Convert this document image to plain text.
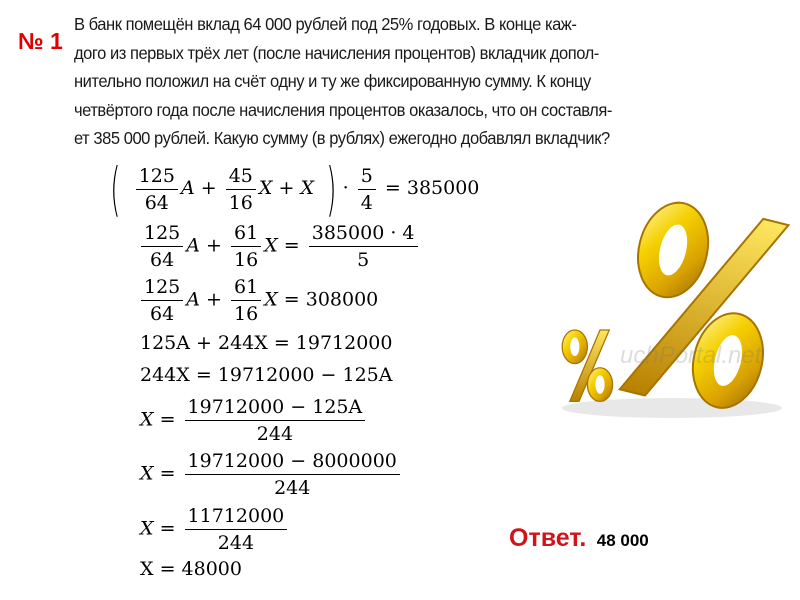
№ 1
В банк помещён вклад 64 000 рублей под 25% годовых. В конце каж-
дого из первых трёх лет (после начисления процентов) вкладчик допол-
нительно положил на счёт одну и ту же фиксированную сумму. К концу
четвёртого года после начисления процентов оказалось, что он составля-
ет 385 000 рублей. Какую сумму (в рублях) ежегодно добавлял вкладчик?
( $\frac{125}{64}$ $A + \frac{45}{16}$ X + X ) · $\frac{5}{4} = 385000$
$\frac{125}{64}$ $A + \frac{61}{16}$ $X = \frac{385000 \cdot 4}{5}$
$\frac{125}{64}$ $A + \frac{61}{16}$ X = 308000
125A + 244X = 19712000
244X = 19712000 − 125A
$X = \frac{19712000 - 125A}{244}$
$X = \frac{19712000 - 8000000}{244}$
$X = \frac{11712000}{244}$
X = 48000
Ответ. 48 000
uchPortal.net
